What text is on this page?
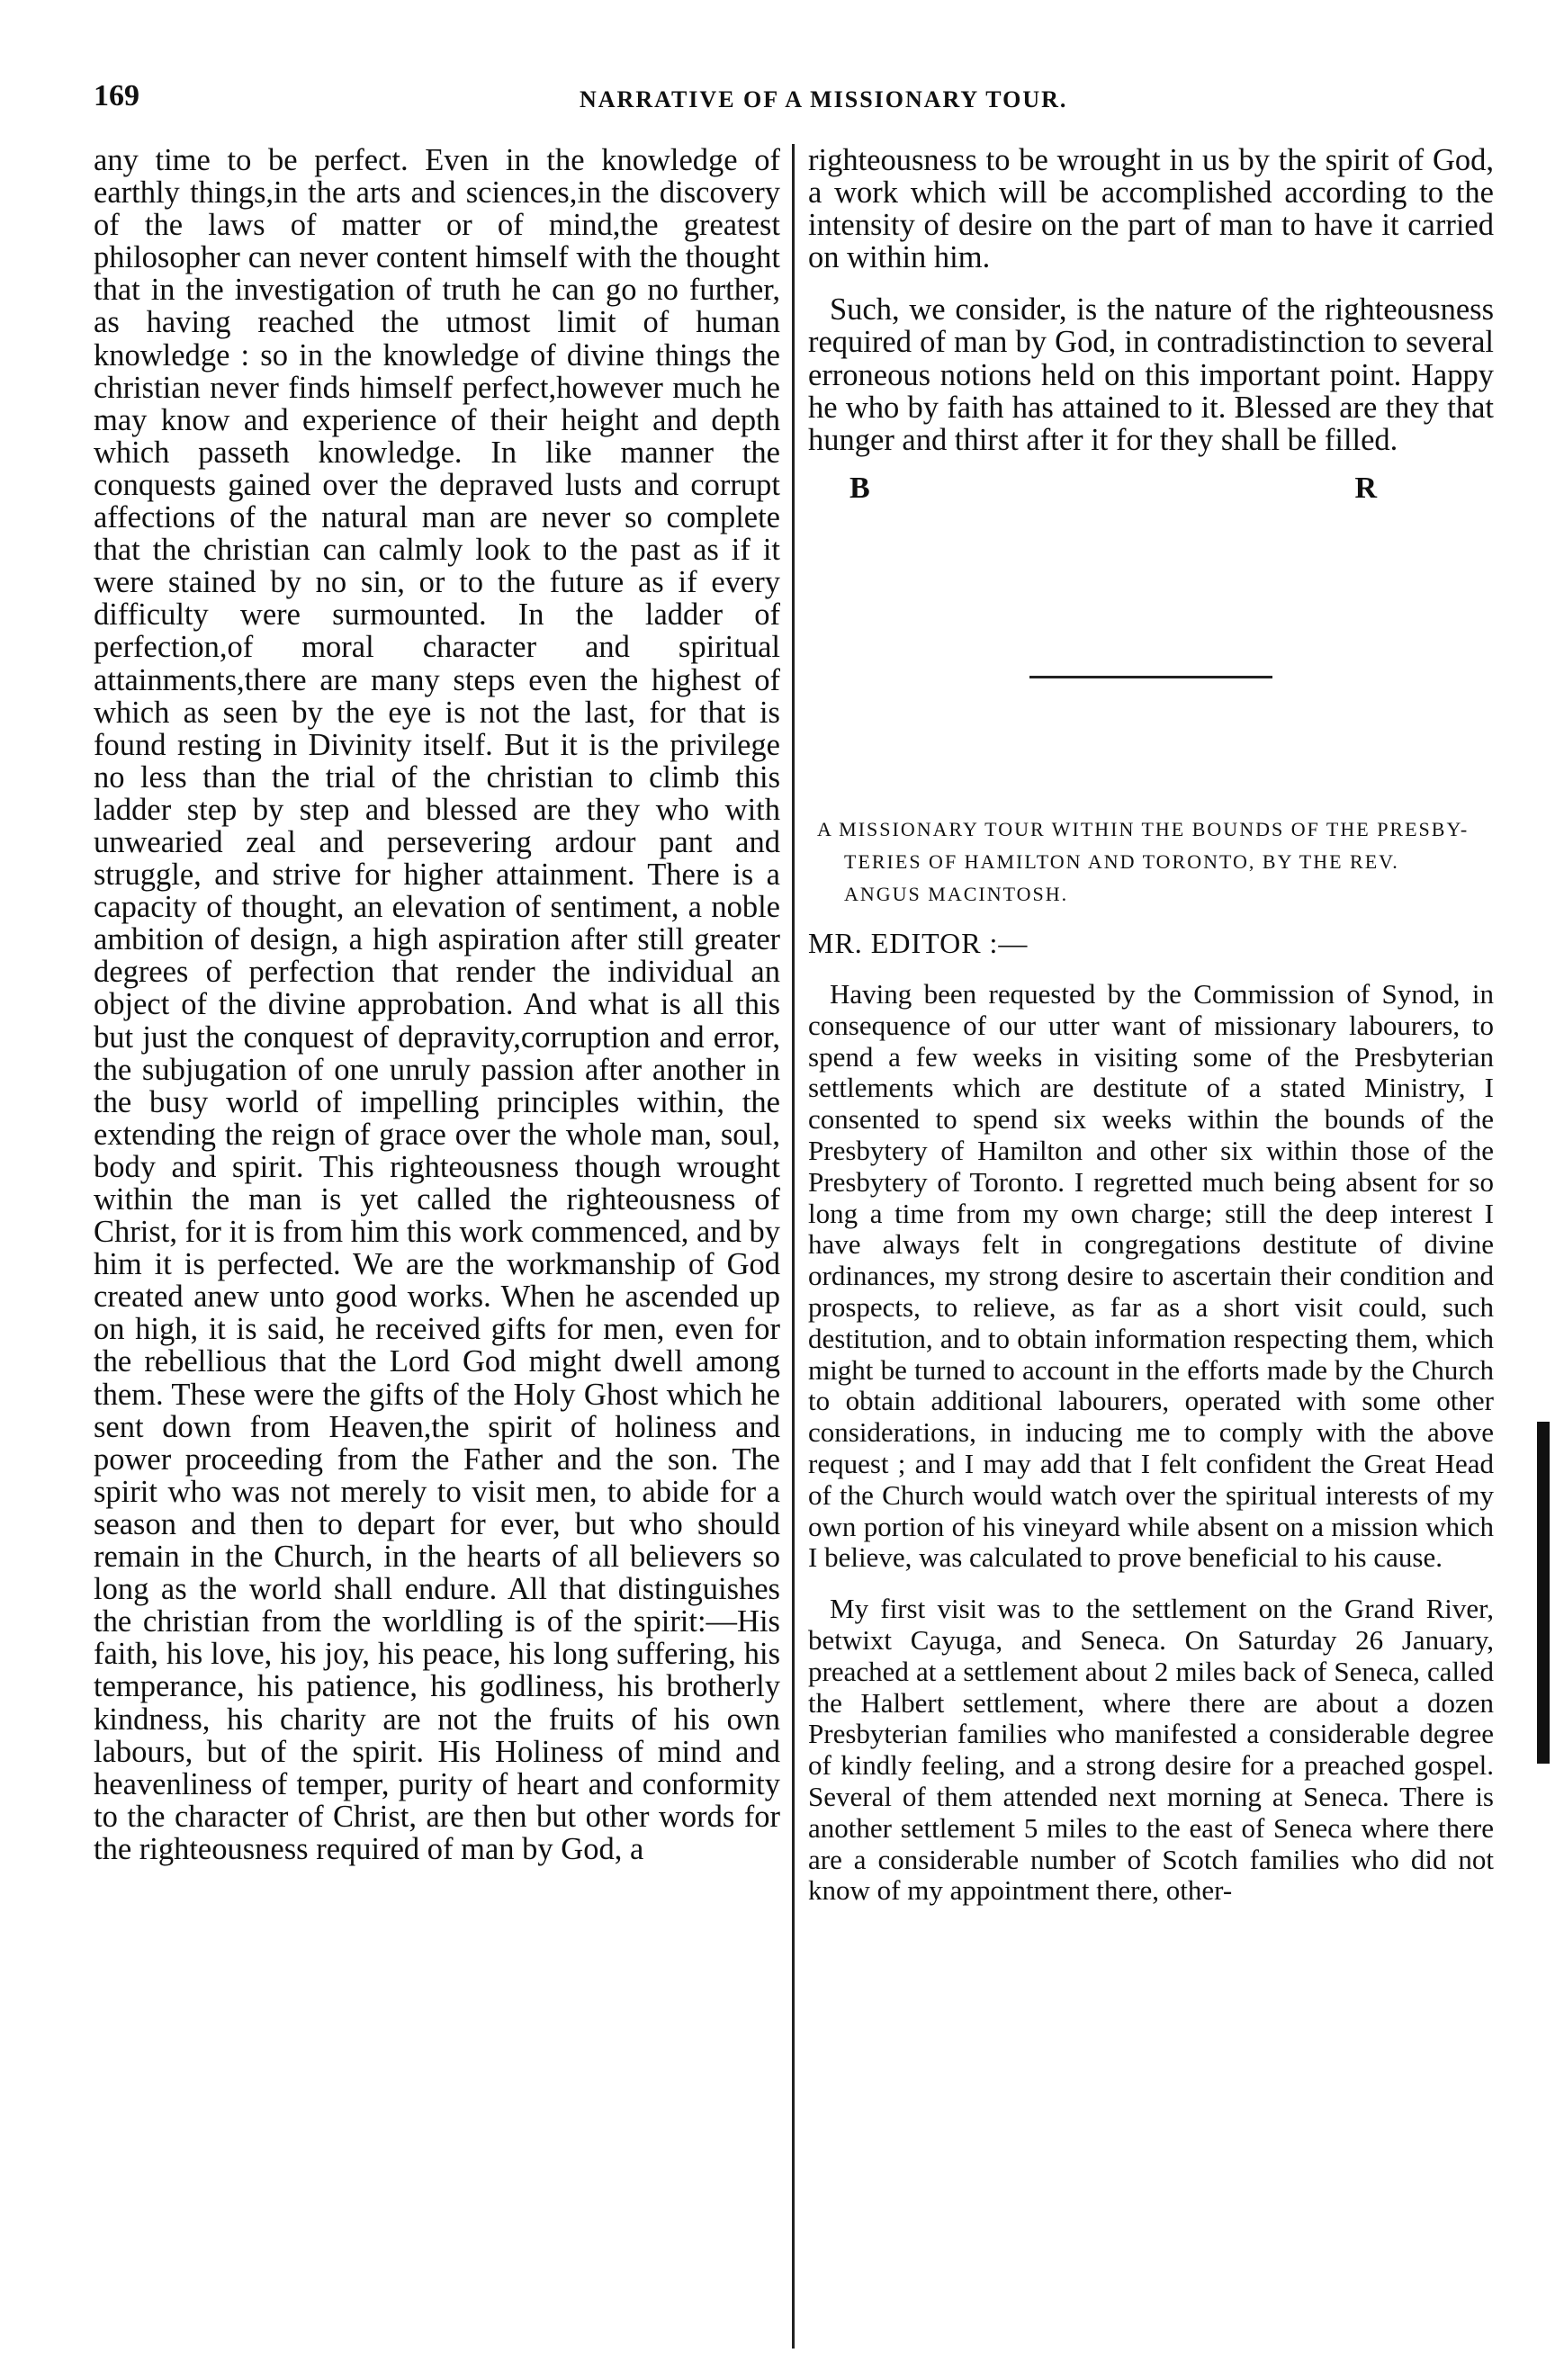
169	NARRATIVE OF A MISSIONARY TOUR.

any time to be perfect. Even in the knowledge of earthly things,in the arts and sciences,in the discovery of the laws of matter or of mind,the greatest philosopher can never content himself with the thought that in the investigation of truth he can go no further, as having reached the utmost limit of human knowledge : so in the knowledge of divine things the christian never finds himself perfect,however much he may know and experience of their height and depth which passeth knowledge. In like manner the conquests gained over the depraved lusts and corrupt affections of the natural man are never so complete that the christian can calmly look to the past as if it were stained by no sin, or to the future as if every difficulty were surmounted. In the ladder of perfection,of moral character and spiritual attainments,there are many steps even the highest of which as seen by the eye is not the last, for that is found resting in Divinity itself. But it is the privilege no less than the trial of the christian to climb this ladder step by step and blessed are they who with unwearied zeal and persevering ardour pant and struggle, and strive for higher attainment. There is a capacity of thought, an elevation of sentiment, a noble ambition of design, a high aspiration after still greater degrees of perfection that render the individual an object of the divine approbation. And what is all this but just the conquest of depravity,corruption and error, the subjugation of one unruly passion after another in the busy world of impelling principles within, the extending the reign of grace over the whole man, soul, body and spirit. This righteousness though wrought within the man is yet called the righteousness of Christ, for it is from him this work commenced, and by him it is perfected. We are the workmanship of God created anew unto good works. When he ascended up on high, it is said, he received gifts for men, even for the rebellious that the Lord God might dwell among them. These were the gifts of the Holy Ghost which he sent down from Heaven,the spirit of holiness and power proceeding from the Father and the son. The spirit who was not merely to visit men, to abide for a season and then to depart for ever, but who should remain in the Church, in the hearts of all believers so long as the world shall endure. All that distinguishes the christian from the worldling is of the spirit:—His faith, his love, his joy, his peace, his long suffering, his temperance, his patience, his godliness, his brotherly kindness, his charity are not the fruits of his own labours, but of the spirit. His Holiness of mind and heavenliness of temper, purity of heart and conformity to the character of Christ, are then but other words for the righteousness required of man by God, a

righteousness to be wrought in us by the spirit of God, a work which will be accomplished according to the intensity of desire on the part of man to have it carried on within him.

Such, we consider, is the nature of the righteousness required of man by God, in contradistinction to several erroneous notions held on this important point. Happy he who by faith has attained to it. Blessed are they that hunger and thirst after it for they shall be filled.

B	R
A MISSIONARY TOUR WITHIN THE BOUNDS OF THE PRESBY-
TERIES OF HAMILTON AND TORONTO, BY THE REV.
ANGUS MACINTOSH.
MR. EDITOR :—

Having been requested by the Commission of Synod, in consequence of our utter want of missionary labourers, to spend a few weeks in visiting some of the Presbyterian settlements which are destitute of a stated Ministry, I consented to spend six weeks within the bounds of the Presbytery of Hamilton and other six within those of the Presbytery of Toronto. I regretted much being absent for so long a time from my own charge; still the deep interest I have always felt in congregations destitute of divine ordinances, my strong desire to ascertain their condition and prospects, to relieve, as far as a short visit could, such destitution, and to obtain information respecting them, which might be turned to account in the efforts made by the Church to obtain additional labourers, operated with some other considerations, in inducing me to comply with the above request ; and I may add that I felt confident the Great Head of the Church would watch over the spiritual interests of my own portion of his vineyard while absent on a mission which I believe, was calculated to prove beneficial to his cause.

My first visit was to the settlement on the Grand River, betwixt Cayuga, and Seneca. On Saturday 26 January, preached at a settlement about 2 miles back of Seneca, called the Halbert settlement, where there are about a dozen Presbyterian families who manifested a considerable degree of kindly feeling, and a strong desire for a preached gospel. Several of them attended next morning at Seneca. There is another settlement 5 miles to the east of Seneca where there are a considerable number of Scotch families who did not know of my appointment there, other-
